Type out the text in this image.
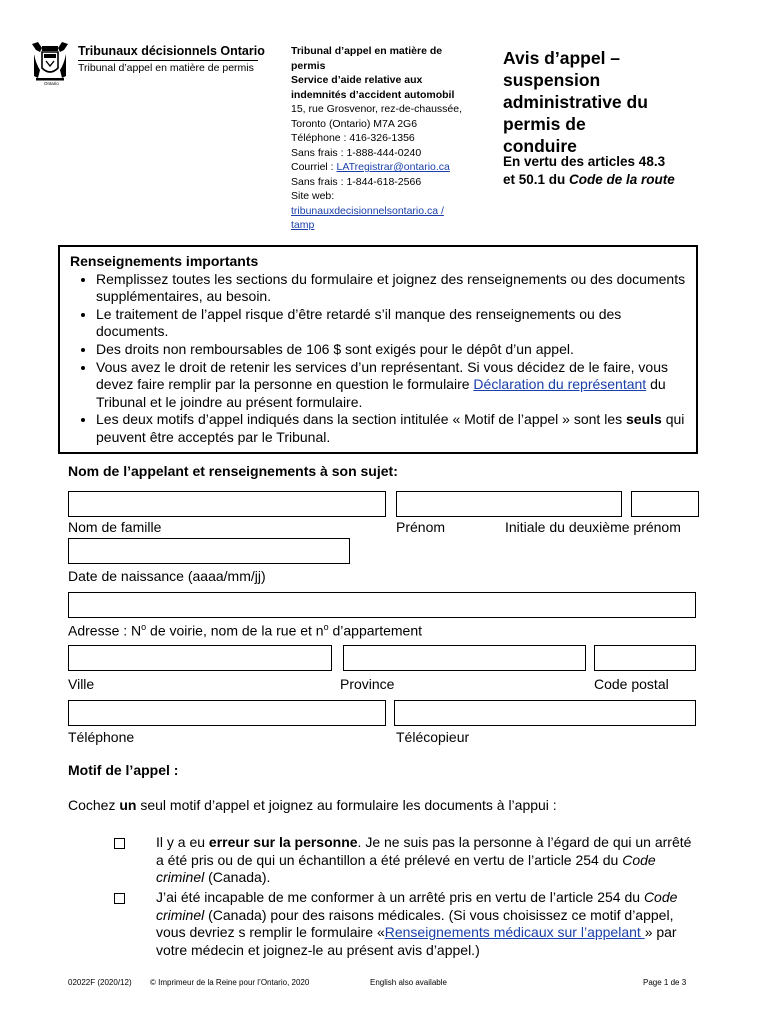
Ontario
Tribunaux décisionnels Ontario
Tribunal d’appel en matière de permis
Tribunal d’appel en matière de
permis
Service d’aide relative aux
indemnités d’accident automobil
15, rue Grosvenor, rez-de-chaussée,
Toronto (Ontario) M7A 2G6
Téléphone : 416-326-1356
Sans frais : 1-888-444-0240
Courriel : LATregistrar@ontario.ca
Sans frais : 1-844-618-2566
Site web:
tribunauxdecisionnelsontario.ca /
tamp
Avis d’appel –
suspension
administrative du
permis de
conduire
En vertu des articles 48.3
et 50.1 du Code de la route
Renseignements importants
• Remplissez toutes les sections du formulaire et joignez des renseignements ou des documents supplémentaires, au besoin.
• Le traitement de l’appel risque d’être retardé s’il manque des renseignements ou des documents.
• Des droits non remboursables de 106 $ sont exigés pour le dépôt d’un appel.
• Vous avez le droit de retenir les services d’un représentant. Si vous décidez de le faire, vous devez faire remplir par la personne en question le formulaire Déclaration du représentant du Tribunal et le joindre au présent formulaire.
• Les deux motifs d’appel indiqués dans la section intitulée « Motif de l’appel » sont les seuls qui peuvent être acceptés par le Tribunal.
Nom de l’appelant et renseignements à son sujet:
Nom de famille	Prénom	Initiale du deuxième prénom
Date de naissance (aaaa/mm/jj)
Adresse : $N^o$ de voirie, nom de la rue et $n^o$ d’appartement
Ville	Province	Code postal
Téléphone	Télécopieur
Motif de l’appel :
Cochez un seul motif d’appel et joignez au formulaire les documents à l’appui :
Il y a eu erreur sur la personne. Je ne suis pas la personne à l’égard de qui un arrêté a été pris ou de qui un échantillon a été prélevé en vertu de l’article 254 du Code criminel (Canada).
J’ai été incapable de me conformer à un arrêté pris en vertu de l’article 254 du Code criminel (Canada) pour des raisons médicales. (Si vous choisissez ce motif d’appel, vous devriez s remplir le formulaire «Renseignements médicaux sur l’appelant » par votre médecin et joignez-le au présent avis d’appel.)
02022F (2020/12) © Imprimeur de la Reine pour l’Ontario, 2020	English also available	Page 1 de 3
